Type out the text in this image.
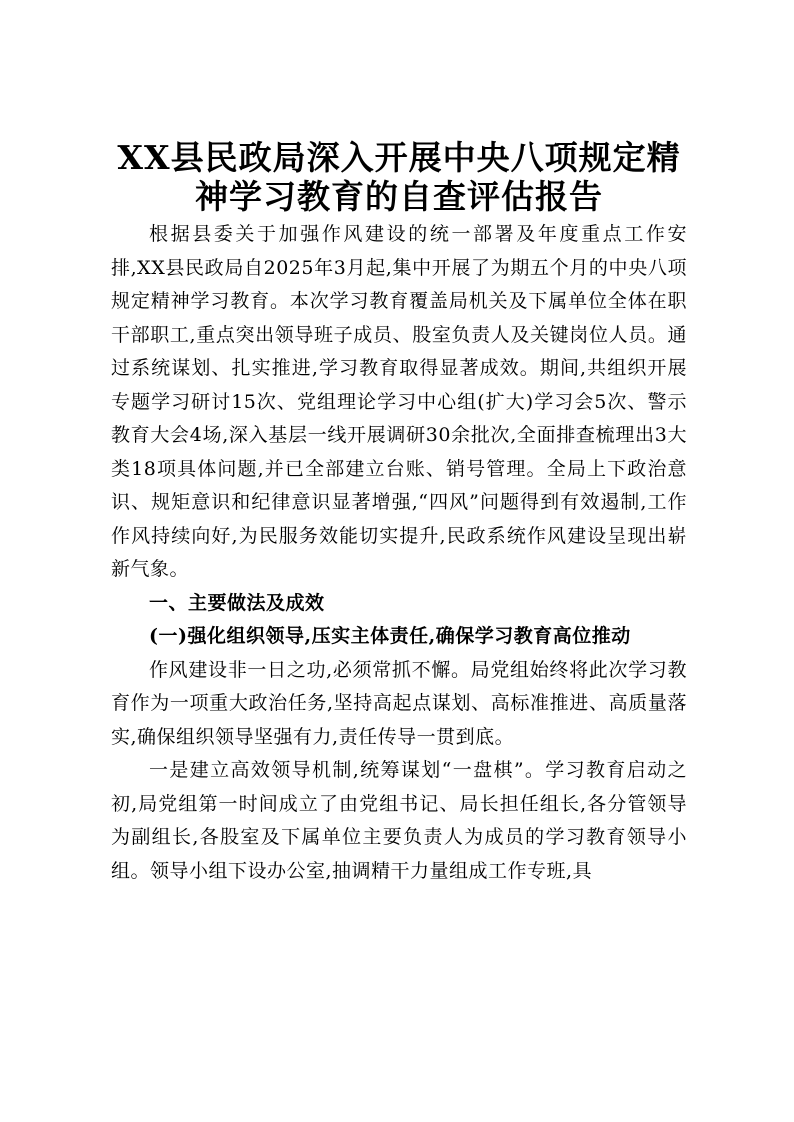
XX县民政局深入开展中央八项规定精

神学习教育的自查评估报告

根据县委关于加强作风建设的统一部署及年度重点工作安排,XX县民政局自2025年3月起,集中开展了为期五个月的中央八项规定精神学习教育。本次学习教育覆盖局机关及下属单位全体在职干部职工,重点突出领导班子成员、股室负责人及关键岗位人员。通过系统谋划、扎实推进,学习教育取得显著成效。期间,共组织开展专题学习研讨15次、党组理论学习中心组(扩大)学习会5次、警示教育大会4场,深入基层一线开展调研30余批次,全面排查梳理出3大类18项具体问题,并已全部建立台账、销号管理。全局上下政治意识、规矩意识和纪律意识显著增强,“四风”问题得到有效遏制,工作作风持续向好,为民服务效能切实提升,民政系统作风建设呈现出崭新气象。

一、主要做法及成效

(一)强化组织领导,压实主体责任,确保学习教育高位推动

作风建设非一日之功,必须常抓不懈。局党组始终将此次学习教育作为一项重大政治任务,坚持高起点谋划、高标准推进、高质量落实,确保组织领导坚强有力,责任传导一贯到底。

一是建立高效领导机制,统筹谋划“一盘棋”。学习教育启动之初,局党组第一时间成立了由党组书记、局长担任组长,各分管领导为副组长,各股室及下属单位主要负责人为成员的学习教育领导小组。领导小组下设办公室,抽调精干力量组成工作专班,具
